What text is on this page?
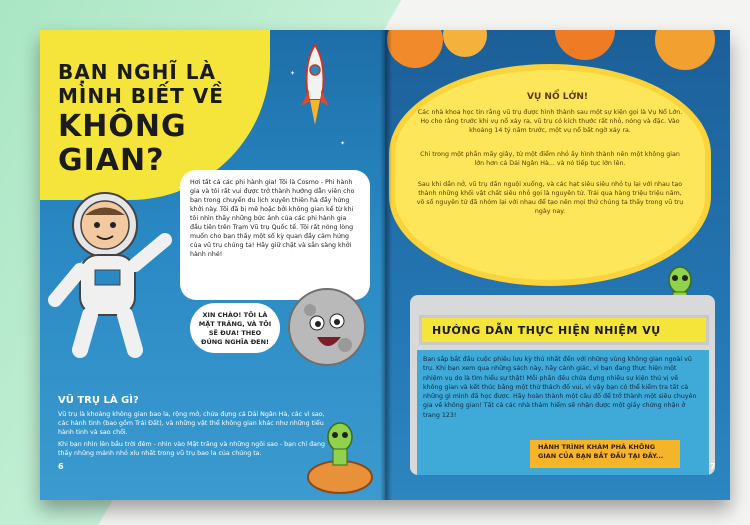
✦
✦
BẠN NGHĨ LÀ
MÌNH BIẾT VỀ
KHÔNG GIAN?
Hơi tất cả các phi hành gia! Tôi là Cosmo - Phi hành gia và tôi rất vui được trở thành hướng dẫn viên cho bạn trong chuyến du lịch xuyên thiên hà đầy hứng khởi này. Tôi đã bị mê hoặc bởi không gian kể từ khi tôi nhìn thấy những bức ảnh của các phi hành gia đầu tiên trên Trạm Vũ trụ Quốc tế. Tôi rất nóng lòng muốn cho bạn thấy một số kỳ quan đầy cảm hứng của vũ trụ chúng ta! Hãy giữ chặt và sẵn sàng khởi hành nhé!
XIN CHÀO! TÔI LÀ MẶT TRĂNG, VÀ TÔI SẼ ĐƯA! THEO ĐÚNG NGHĨA ĐEN!
VŨ TRỤ LÀ GÌ?
Vũ trụ là khoảng không gian bao la, rộng mở, chứa đựng cả Dải Ngân Hà, các vì sao, các hành tinh (bao gồm Trái Đất), và những vật thể không gian khác như những tiểu hành tinh và sao chổi.
Khi bạn nhìn lên bầu trời đêm - nhìn vào Mặt trăng và những ngôi sao - bạn chỉ đang thấy những mảnh nhỏ xíu nhất trong vũ trụ bao la của chúng ta.
6
VỤ NỔ LỚN!
Các nhà khoa học tin rằng vũ trụ được hình thành sau một sự kiện gọi là Vụ Nổ Lớn. Họ cho rằng trước khi vụ nổ xảy ra, vũ trụ có kích thước rất nhỏ, nóng và đặc. Vào khoảng 14 tỷ năm trước, một vụ nổ bất ngờ xảy ra.
Chỉ trong một phần mấy giây, từ một điểm nhỏ ấy hình thành nên một không gian lớn hơn cả Dải Ngân Hà... và nó tiếp tục lớn lên.
Sau khi dần nở, vũ trụ dần nguội xuống, và các hạt siêu siêu nhỏ tụ lại với nhau tạo thành những khối vật chất siêu nhỏ gọi là nguyên tử. Trải qua hàng triệu triệu năm, vô số nguyên tử đã nhóm lại với nhau để tạo nên mọi thứ chúng ta thấy trong vũ trụ ngày nay.
HƯỚNG DẪN THỰC HIỆN NHIỆM VỤ
Bạn sắp bắt đầu cuộc phiêu lưu kỳ thú nhất đến với những vùng không gian ngoài vũ trụ. Khi bạn xem qua những sách này, hãy cảnh giác, vì bạn đang thực hiện một nhiệm vụ do là tìm hiểu sự thật! Mỗi phần đều chứa đựng nhiều sự kiện thú vị về không gian và kết thúc bằng một thử thách đố vui, vì vậy bạn có thể kiểm tra tất cả những gì mình đã học được. Hãy hoàn thành một câu đố để trở thành một siêu chuyên gia về không gian! Tất cả các nhà thám hiểm sẽ nhận được một giấy chứng nhận ở trang 123!
HÀNH TRÌNH KHÁM PHÁ KHÔNG GIAN CỦA BẠN BẮT ĐẦU TẠI ĐÂY...
7
